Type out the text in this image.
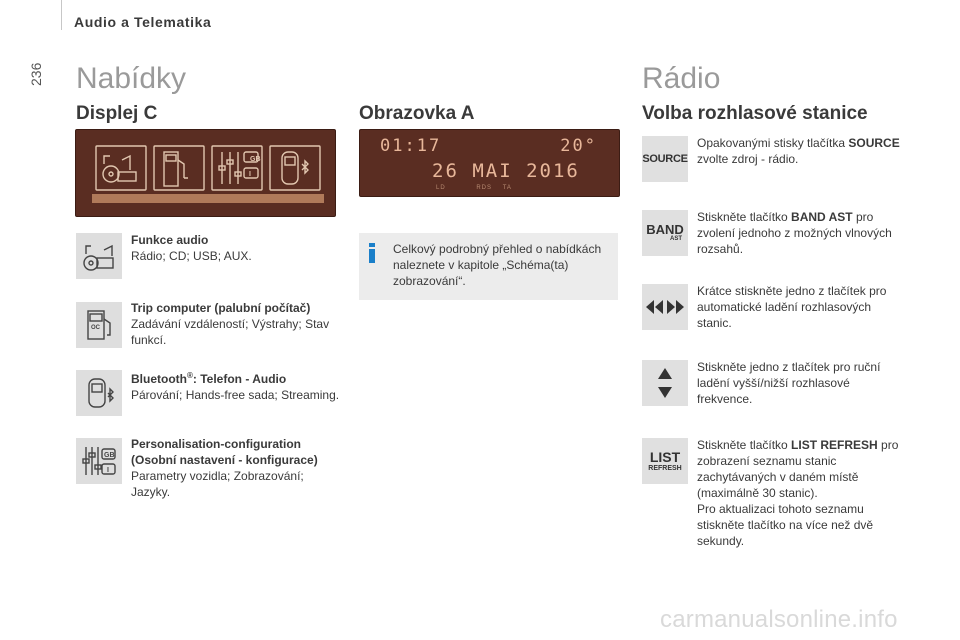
Audio a Telematika
236 Nabídky
Displej C
GB
I
Funkce audio
Rádio; CD; USB; AUX.
OC
Trip computer (palubní počítač)
Zadávání vzdáleností; Výstrahy; Stav funkcí.
Bluetooth®: Telefon - Audio
Párování; Hands-free sada; Streaming.
GB
I
Personalisation-configuration
(Osobní nastavení - konfigurace)
Parametry vozidla; Zobrazování; Jazyky.
Obrazovka A
01:17	20°
26 MAI 2016
LD	RDS TA
Celkový podrobný přehled o nabídkách naleznete v kapitole „Schéma(ta) zobrazování“.
Rádio
Volba rozhlasové stanice
SOURCE
Opakovanými stisky tlačítka SOURCE zvolte zdroj - rádio.
BAND
AST
Stiskněte tlačítko BAND AST pro zvolení jednoho z možných vlnových rozsahů.
Krátce stiskněte jedno z tlačítek pro automatické ladění rozhlasových stanic.
Stiskněte jedno z tlačítek pro ruční ladění vyšší/nižší rozhlasové frekvence.
LIST
REFRESH
Stiskněte tlačítko LIST REFRESH pro zobrazení seznamu stanic zachytávaných v daném místě (maximálně 30 stanic).
Pro aktualizaci tohoto seznamu stiskněte tlačítko na více než dvě sekundy.
carmanualsonline.info
